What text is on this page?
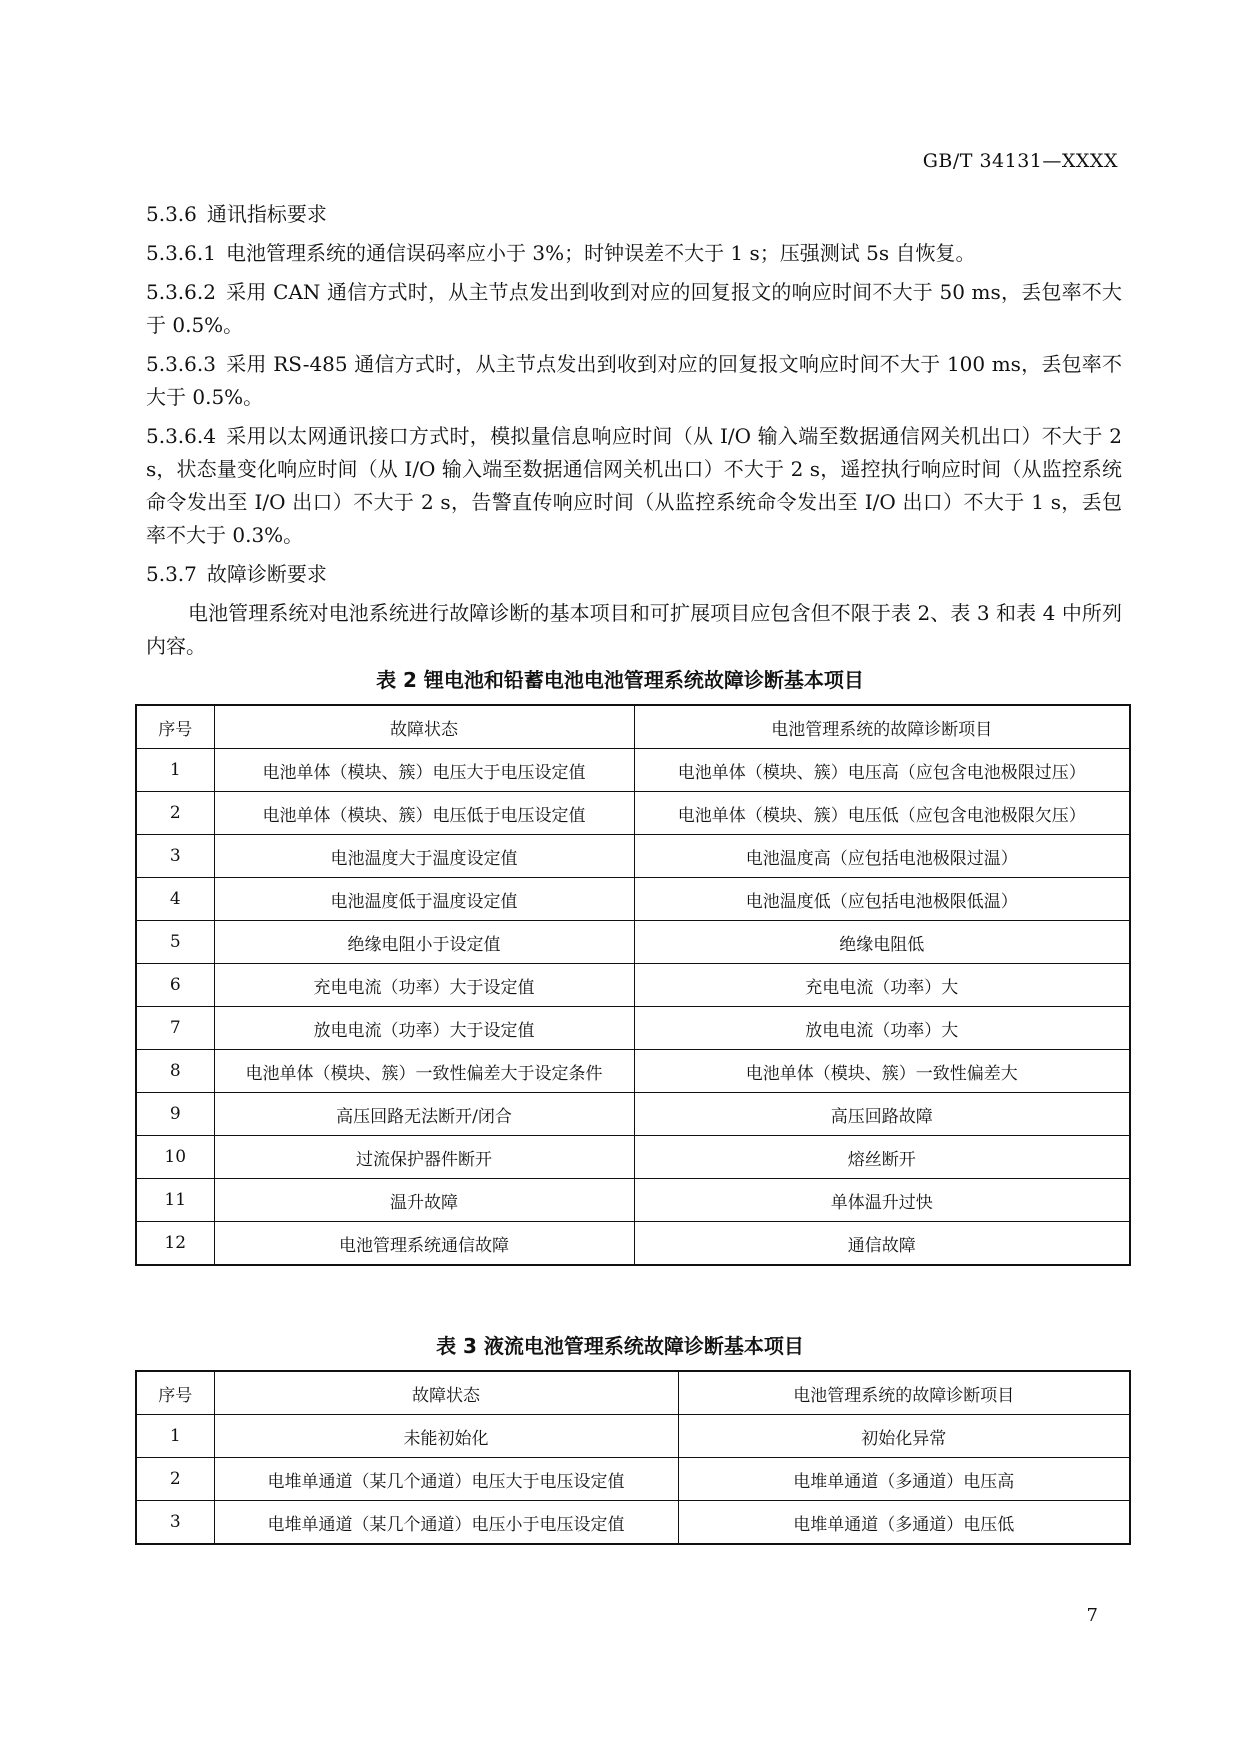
GB/T 34131—XXXX

5.3.6 通讯指标要求

5.3.6.1 电池管理系统的通信误码率应小于 3%；时钟误差不大于 1 s；压强测试 5s 自恢复。

5.3.6.2 采用 CAN 通信方式时，从主节点发出到收到对应的回复报文的响应时间不大于 50 ms，丢包率不大于 0.5%。

5.3.6.3 采用 RS-485 通信方式时，从主节点发出到收到对应的回复报文响应时间不大于 100 ms，丢包率不大于 0.5%。

5.3.6.4 采用以太网通讯接口方式时，模拟量信息响应时间（从 I/O 输入端至数据通信网关机出口）不大于 2 s，状态量变化响应时间（从 I/O 输入端至数据通信网关机出口）不大于 2 s，遥控执行响应时间（从监控系统命令发出至 I/O 出口）不大于 2 s，告警直传响应时间（从监控系统命令发出至 I/O 出口）不大于 1 s，丢包率不大于 0.3%。

5.3.7 故障诊断要求

电池管理系统对电池系统进行故障诊断的基本项目和可扩展项目应包含但不限于表 2、表 3 和表 4 中所列内容。

表 2 锂电池和铅蓄电池电池管理系统故障诊断基本项目
序号	故障状态	电池管理系统的故障诊断项目
1	电池单体（模块、簇）电压大于电压设定值	电池单体（模块、簇）电压高（应包含电池极限过压）
2	电池单体（模块、簇）电压低于电压设定值	电池单体（模块、簇）电压低（应包含电池极限欠压）
3	电池温度大于温度设定值	电池温度高（应包括电池极限过温）
4	电池温度低于温度设定值	电池温度低（应包括电池极限低温）
5	绝缘电阻小于设定值	绝缘电阻低
6	充电电流（功率）大于设定值	充电电流（功率）大
7	放电电流（功率）大于设定值	放电电流（功率）大
8	电池单体（模块、簇）一致性偏差大于设定条件	电池单体（模块、簇）一致性偏差大
9	高压回路无法断开/闭合	高压回路故障
10	过流保护器件断开	熔丝断开
11	温升故障	单体温升过快
12	电池管理系统通信故障	通信故障
表 3 液流电池管理系统故障诊断基本项目
序号	故障状态	电池管理系统的故障诊断项目
1	未能初始化	初始化异常
2	电堆单通道（某几个通道）电压大于电压设定值	电堆单通道（多通道）电压高
3	电堆单通道（某几个通道）电压小于电压设定值	电堆单通道（多通道）电压低
7
